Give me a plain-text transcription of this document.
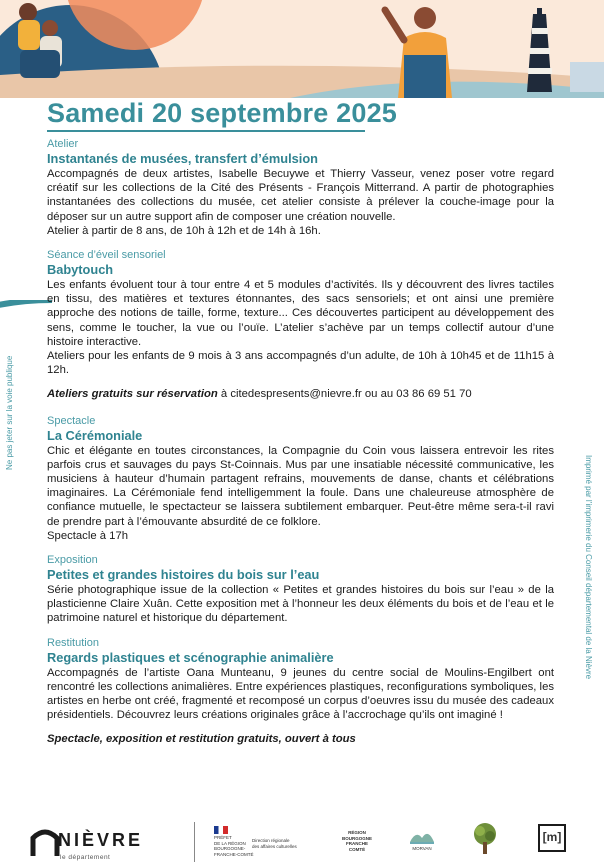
Samedi 20 septembre 2025
Ne pas jeter sur la voie publique
Imprimé par l’imprimerie du Conseil départemental de la Nièvre
Atelier
Instantanés de musées, transfert d’émulsion

Accompagnés de deux artistes, Isabelle Becuywe et Thierry Vasseur, venez poser votre regard créatif sur les collections de la Cité des Présents - François Mitterrand. A partir de photographies instantanées des collections du musée, cet atelier consiste à prélever la couche-image pour la déposer sur un autre support afin de composer une création nouvelle.

Atelier à partir de 8 ans, de 10h à 12h et de 14h à 16h.

Séance d’éveil sensoriel
Babytouch

Les enfants évoluent tour à tour entre 4 et 5 modules d’activités. Ils y découvrent des livres tactiles en tissu, des matières et textures étonnantes, des sacs sensoriels; et ont ainsi une première approche des notions de taille, forme, texture... Ces découvertes participent au développement des sens, comme le toucher, la vue ou l’ouïe. L’atelier s’achève par un temps collectif autour d’une histoire interactive.

Ateliers pour les enfants de 9 mois à 3 ans accompagnés d’un adulte, de 10h à 10h45 et de 11h15 à 12h.

Ateliers gratuits sur réservation à citedespresents@nievre.fr ou au 03 86 69 51 70
Spectacle
La Cérémoniale

Chic et élégante en toutes circonstances, la Compagnie du Coin vous laissera entrevoir les rites parfois crus et sauvages du pays St-Coinnais. Mus par une insatiable nécessité communicative, les musiciens à hauteur d’humain partagent refrains, mouvements de danse, chants et célébrations imaginaires. La Cérémoniale fend intelligemment la foule. Dans une chaleureuse atmosphère de confiance mutuelle, le spectacteur se laissera subtilement embarquer. Peut-être même sera-t-il ravi de prendre part à l’émouvante absurdité de ce folklore.

Spectacle à 17h

Exposition
Petites et grandes histoires du bois sur l’eau

Série photographique issue de la collection « Petites et grandes histoires du bois sur l’eau » de la plasticienne Claire Xuân. Cette exposition met à l’honneur les deux éléments du bois et de l’eau et le patrimoine naturel et historique du département.

Restitution
Regards plastiques et scénographie animalière

Accompagnés de l’artiste Oana Munteanu, 9 jeunes du centre social de Moulins-Engilbert ont rencontré les collections animalières. Entre expériences plastiques, reconfigurations symboliques, les artistes en herbe ont créé, fragmenté et recomposé un corpus d’oeuvres issu du musée des cadeaux présidentiels. Découvrez leurs créations originales grâce à l’accrochage qu’ils ont imaginé !

Spectacle, exposition et restitution gratuits, ouvert à tous
NIÈVRE
le département
PRÉFET
DE LA RÉGION
BOURGOGNE-
FRANCHE-COMTÉ
Direction régionale
des affaires culturelles
RÉGION
BOURGOGNE
FRANCHE
COMTÉ	MORVAN
[m]
